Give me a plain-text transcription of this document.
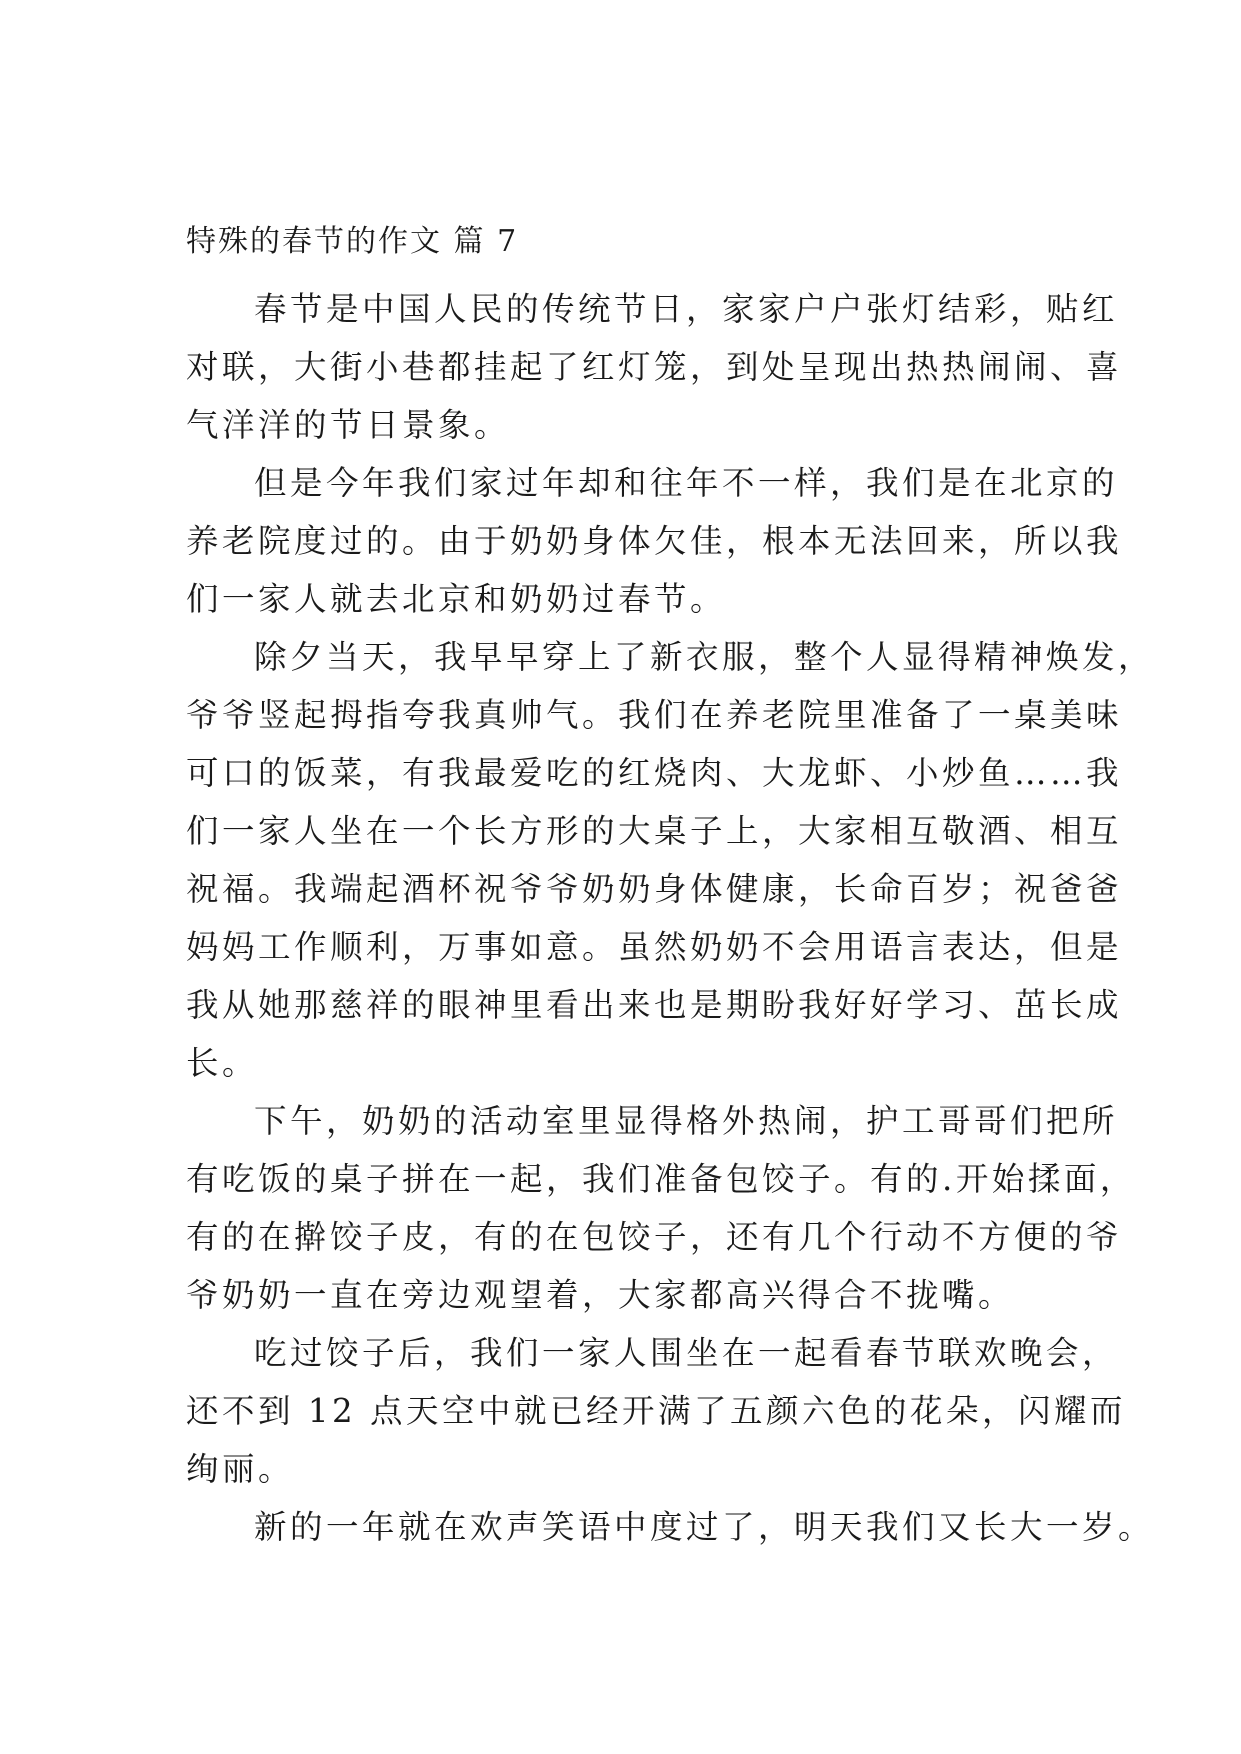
特殊的春节的作文 篇 7
春节是中国人民的传统节日，家家户户张灯结彩，贴红
对联，大街小巷都挂起了红灯笼，到处呈现出热热闹闹、喜
气洋洋的节日景象。
但是今年我们家过年却和往年不一样，我们是在北京的
养老院度过的。由于奶奶身体欠佳，根本无法回来，所以我
们一家人就去北京和奶奶过春节。
除夕当天，我早早穿上了新衣服，整个人显得精神焕发，
爷爷竖起拇指夸我真帅气。我们在养老院里准备了一桌美味
可口的饭菜，有我最爱吃的红烧肉、大龙虾、小炒鱼……我
们一家人坐在一个长方形的大桌子上，大家相互敬酒、相互
祝福。我端起酒杯祝爷爷奶奶身体健康，长命百岁；祝爸爸
妈妈工作顺利，万事如意。虽然奶奶不会用语言表达，但是
我从她那慈祥的眼神里看出来也是期盼我好好学习、茁长成
长。
下午，奶奶的活动室里显得格外热闹，护工哥哥们把所
有吃饭的桌子拼在一起，我们准备包饺子。有的.开始揉面，
有的在擀饺子皮，有的在包饺子，还有几个行动不方便的爷
爷奶奶一直在旁边观望着，大家都高兴得合不拢嘴。
吃过饺子后，我们一家人围坐在一起看春节联欢晚会，
还不到 12 点天空中就已经开满了五颜六色的花朵，闪耀而
绚丽。
新的一年就在欢声笑语中度过了，明天我们又长大一岁。
